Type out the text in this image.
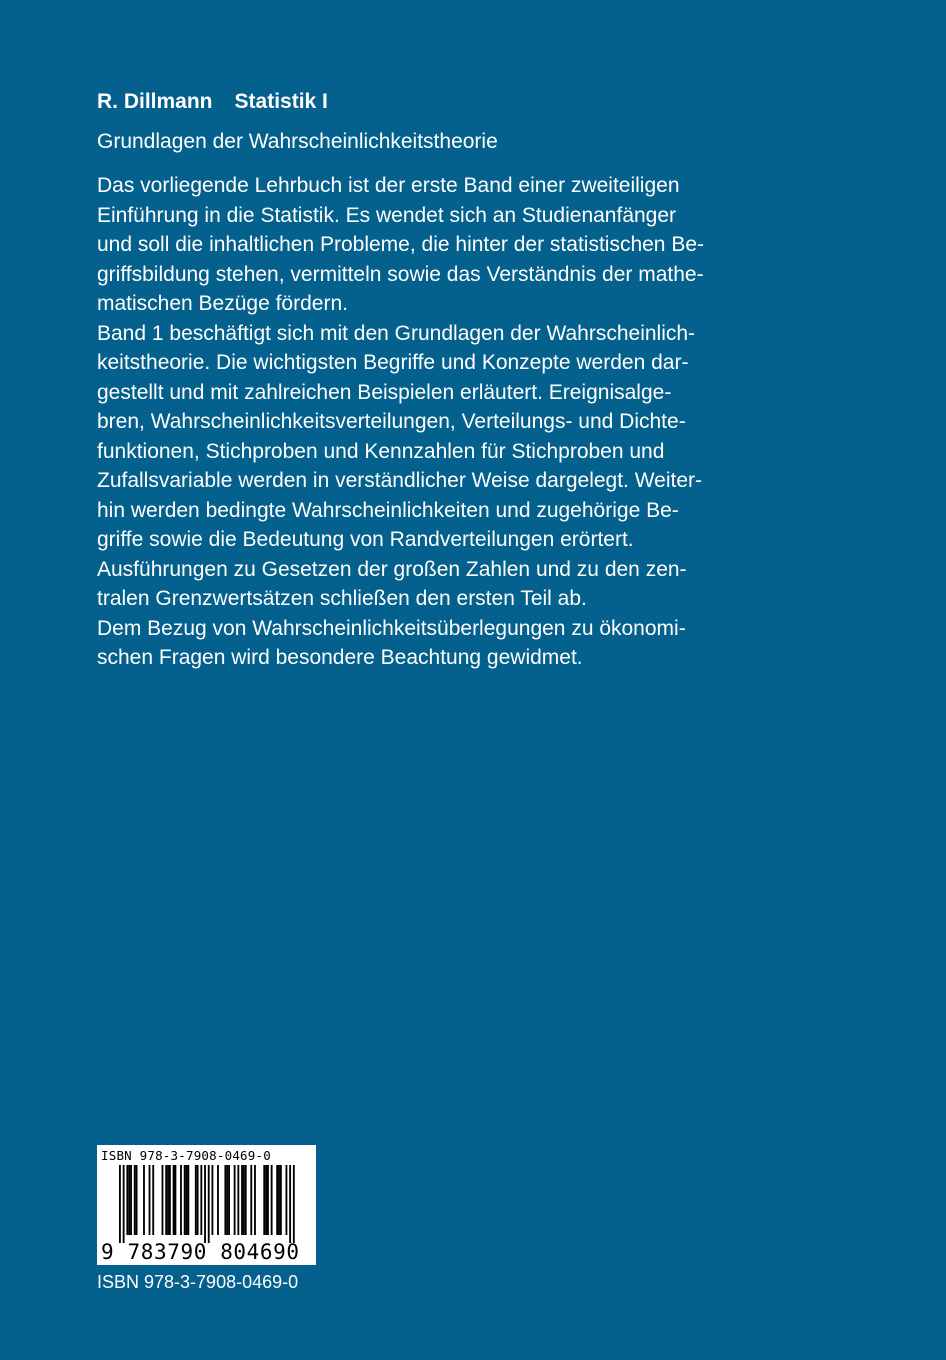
R. Dillmann Statistik I
Grundlagen der Wahrscheinlichkeitstheorie
Das vorliegende Lehrbuch ist der erste Band einer zweiteiligen
Einführung in die Statistik. Es wendet sich an Studienanfänger
und soll die inhaltlichen Probleme, die hinter der statistischen Be-
griffsbildung stehen, vermitteln sowie das Verständnis der mathe-
matischen Bezüge fördern.
Band 1 beschäftigt sich mit den Grundlagen der Wahrscheinlich-
keitstheorie. Die wichtigsten Begriffe und Konzepte werden dar-
gestellt und mit zahlreichen Beispielen erläutert. Ereignisalge-
bren, Wahrscheinlichkeitsverteilungen, Verteilungs- und Dichte-
funktionen, Stichproben und Kennzahlen für Stichproben und
Zufallsvariable werden in verständlicher Weise dargelegt. Weiter-
hin werden bedingte Wahrscheinlichkeiten und zugehörige Be-
griffe sowie die Bedeutung von Randverteilungen erörtert.
Ausführungen zu Gesetzen der großen Zahlen und zu den zen-
tralen Grenzwertsätzen schließen den ersten Teil ab.
Dem Bezug von Wahrscheinlichkeitsüberlegungen zu ökonomi-
schen Fragen wird besondere Beachtung gewidmet.
ISBN 978-3-7908-0469-0
9 783790 804690
ISBN 978-3-7908-0469-0
